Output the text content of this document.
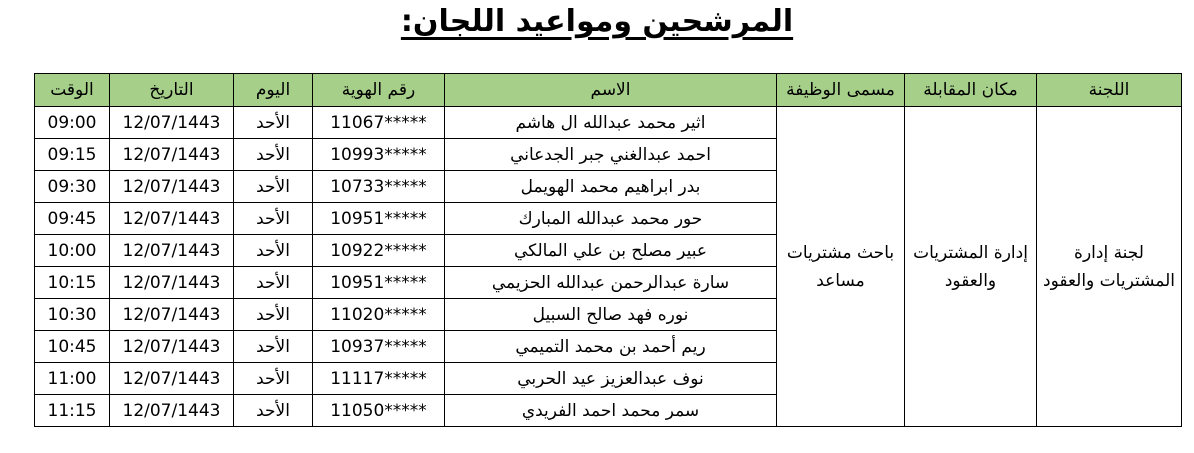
المرشحين ومواعيد اللجان:
الوقت	التاريخ	اليوم	رقم الهوية	الاسم	مسمى الوظيفة	مكان المقابلة	اللجنة
09:00	12/07/1443	الأحد	11067*****	اثير محمد عبدالله ال هاشم	باحث مشتريات مساعد	إدارة المشتريات والعقود	لجنة إدارة المشتريات والعقود
09:15	12/07/1443	الأحد	10993*****	احمد عبدالغني جبر الجدعاني			
09:30	12/07/1443	الأحد	10733*****	بدر ابراهيم محمد الهويمل			
09:45	12/07/1443	الأحد	10951*****	حور محمد عبدالله المبارك			
10:00	12/07/1443	الأحد	10922*****	عبير مصلح بن علي المالكي			
10:15	12/07/1443	الأحد	10951*****	سارة عبدالرحمن عبدالله الحزيمي			
10:30	12/07/1443	الأحد	11020*****	نوره فهد صالح السبيل			
10:45	12/07/1443	الأحد	10937*****	ريم أحمد بن محمد التميمي			
11:00	12/07/1443	الأحد	11117*****	نوف عبدالعزيز عيد الحربي			
11:15	12/07/1443	الأحد	11050*****	سمر محمد احمد الفريدي			
